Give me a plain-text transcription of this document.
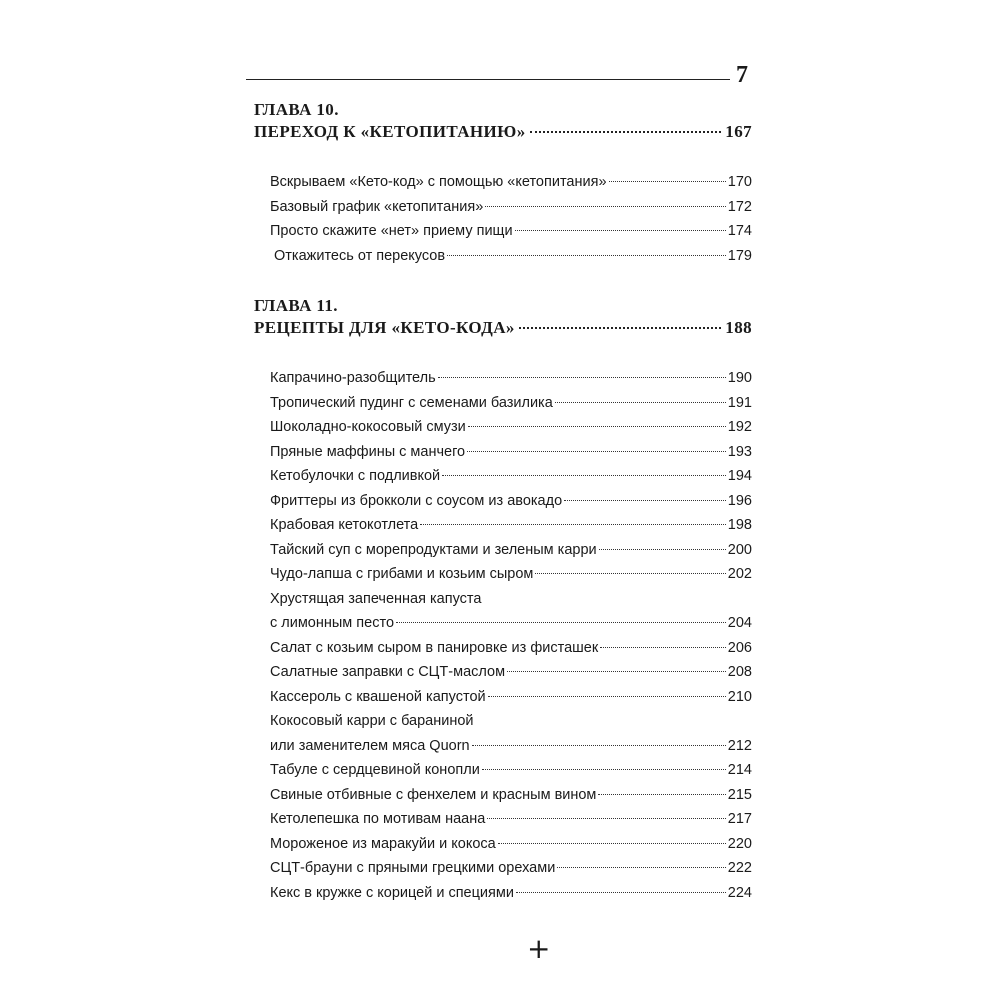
7
ГЛАВА 10.
ПЕРЕХОД К «КЕТОПИТАНИЮ»	167
Вскрываем «Кето-код» с помощью «кетопитания»	170
Базовый график «кетопитания»	172
Просто скажите «нет» приему пищи	174
Откажитесь от перекусов	179
ГЛАВА 11.
РЕЦЕПТЫ ДЛЯ «КЕТО-КОДА»	188
Капрачино-разобщитель	190
Тропический пудинг с семенами базилика	191
Шоколадно-кокосовый смузи	192
Пряные маффины с манчего	193
Кетобулочки с подливкой	194
Фриттеры из брокколи с соусом из авокадо	196
Крабовая кетокотлета	198
Тайский суп с морепродуктами и зеленым карри	200
Чудо-лапша с грибами и козьим сыром	202
Хрустящая запеченная капуста
с лимонным песто	204
Салат с козьим сыром в панировке из фисташек	206
Салатные заправки с СЦТ-маслом	208
Кассероль с квашеной капустой	210
Кокосовый карри с бараниной
или заменителем мяса Quorn	212
Табуле с сердцевиной конопли	214
Свиные отбивные с фенхелем и красным вином	215
Кетолепешка по мотивам наана	217
Мороженое из маракуйи и кокоса	220
СЦТ-брауни с пряными грецкими орехами	222
Кекс в кружке с корицей и специями	224
+
